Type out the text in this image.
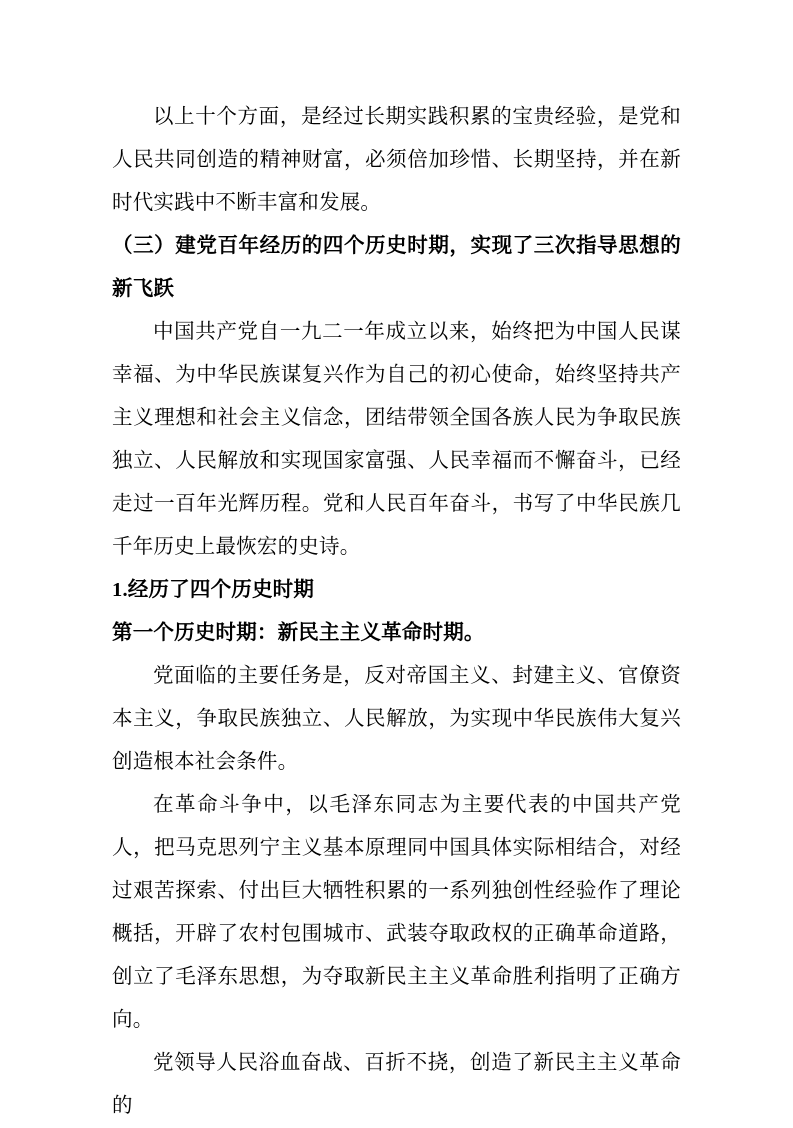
以上十个方面，是经过长期实践积累的宝贵经验，是党和人民共同创造的精神财富，必须倍加珍惜、长期坚持，并在新时代实践中不断丰富和发展。

（三）建党百年经历的四个历史时期，实现了三次指导思想的新飞跃

中国共产党自一九二一年成立以来，始终把为中国人民谋幸福、为中华民族谋复兴作为自己的初心使命，始终坚持共产主义理想和社会主义信念，团结带领全国各族人民为争取民族独立、人民解放和实现国家富强、人民幸福而不懈奋斗，已经走过一百年光辉历程。党和人民百年奋斗，书写了中华民族几千年历史上最恢宏的史诗。

1.经历了四个历史时期

第一个历史时期：新民主主义革命时期。

党面临的主要任务是，反对帝国主义、封建主义、官僚资本主义，争取民族独立、人民解放，为实现中华民族伟大复兴创造根本社会条件。

在革命斗争中，以毛泽东同志为主要代表的中国共产党人，把马克思列宁主义基本原理同中国具体实际相结合，对经过艰苦探索、付出巨大牺牲积累的一系列独创性经验作了理论概括，开辟了农村包围城市、武装夺取政权的正确革命道路，创立了毛泽东思想，为夺取新民主主义革命胜利指明了正确方向。

党领导人民浴血奋战、百折不挠，创造了新民主主义革命的
